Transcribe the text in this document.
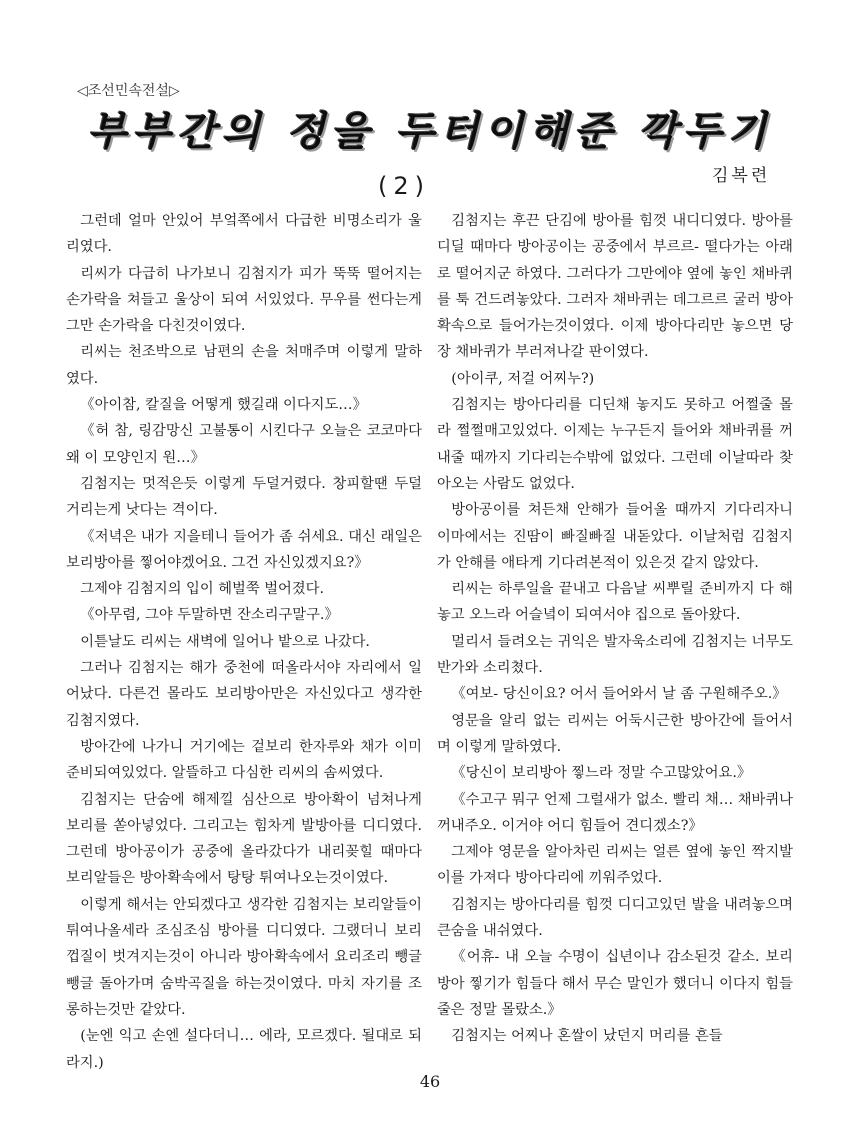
◁조선민속전설▷
부부간의 정을 두터이해준 깍두기
김복련
(2)

그런데 얼마 안있어 부엌쪽에서 다급한 비명소리가 울리였다.

리씨가 다급히 나가보니 김첨지가 피가 뚝뚝 떨어지는 손가락을 쳐들고 울상이 되여 서있었다. 무우를 썬다는게 그만 손가락을 다친것이였다.

리씨는 천조박으로 남편의 손을 처매주며 이렇게 말하였다.

《아이참, 칼질을 어떻게 했길래 이다지도…》

《허 참, 링감망신 고불통이 시킨다구 오늘은 코코마다 왜 이 모양인지 원…》

김첨지는 멋적은듯 이렇게 두덜거렸다. 창피할땐 두덜거리는게 낫다는 격이다.

《저녁은 내가 지을테니 들어가 좀 쉬세요. 대신 래일은 보리방아를 찧어야겠어요. 그건 자신있겠지요?》

그제야 김첨지의 입이 헤벌쭉 벌어졌다.

《아무렴, 그야 두말하면 잔소리구말구.》

이튿날도 리씨는 새벽에 일어나 밭으로 나갔다.

그러나 김첨지는 해가 중천에 떠올라서야 자리에서 일어났다. 다른건 몰라도 보리방아만은 자신있다고 생각한 김첨지였다.

방아간에 나가니 거기에는 겉보리 한자루와 채가 이미 준비되여있었다. 알뜰하고 다심한 리씨의 솜씨였다.

김첨지는 단숨에 해제낄 심산으로 방아확이 넘쳐나게 보리를 쏟아넣었다. 그리고는 힘차게 발방아를 디디였다. 그런데 방아공이가 공중에 올라갔다가 내리꽂힐 때마다 보리알들은 방아확속에서 탕탕 튀여나오는것이였다.

이렇게 해서는 안되겠다고 생각한 김첨지는 보리알들이 튀여나올세라 조심조심 방아를 디디였다. 그랬더니 보리껍질이 벗겨지는것이 아니라 방아확속에서 요리조리 뺑글뺑글 돌아가며 숨박곡질을 하는것이였다. 마치 자기를 조롱하는것만 같았다.

(눈엔 익고 손엔 설다더니… 에라, 모르겠다. 될대로 되라지.)

김첨지는 후끈 단김에 방아를 힘껏 내디디였다. 방아를 디딜 때마다 방아공이는 공중에서 부르르- 떨다가는 아래로 떨어지군 하였다. 그러다가 그만에야 옆에 놓인 채바퀴를 툭 건드려놓았다. 그러자 채바퀴는 데그르르 굴러 방아확속으로 들어가는것이였다. 이제 방아다리만 놓으면 당장 채바퀴가 부러져나갈 판이였다.

(아이쿠, 저걸 어찌누?)

김첨지는 방아다리를 디딘채 놓지도 못하고 어쩔줄 몰라 쩔쩔매고있었다. 이제는 누구든지 들어와 채바퀴를 꺼내줄 때까지 기다리는수밖에 없었다. 그런데 이날따라 찾아오는 사람도 없었다.

방아공이를 쳐든채 안해가 들어올 때까지 기다리자니 이마에서는 진땀이 빠질빠질 내돋았다. 이날처럼 김첨지가 안해를 애타게 기다려본적이 있은것 같지 않았다.

리씨는 하루일을 끝내고 다음날 씨뿌릴 준비까지 다 해놓고 오느라 어슬녘이 되여서야 집으로 돌아왔다.

멀리서 들려오는 귀익은 발자욱소리에 김첨지는 너무도 반가와 소리쳤다.

《여보- 당신이요? 어서 들어와서 날 좀 구원해주오.》

영문을 알리 없는 리씨는 어둑시근한 방아간에 들어서며 이렇게 말하였다.

《당신이 보리방아 찧느라 정말 수고많았어요.》

《수고구 뭐구 언제 그럴새가 없소. 빨리 채… 채바퀴나 꺼내주오. 이거야 어디 힘들어 견디겠소?》

그제야 영문을 알아차린 리씨는 얼른 옆에 놓인 짝지발이를 가져다 방아다리에 끼워주었다.

김첨지는 방아다리를 힘껏 디디고있던 발을 내려놓으며 큰숨을 내쉬였다.

《어휴- 내 오늘 수명이 십년이나 감소된것 같소. 보리방아 찧기가 힘들다 해서 무슨 말인가 했더니 이다지 힘들줄은 정말 몰랐소.》

김첨지는 어찌나 혼쌀이 났던지 머리를 흔들

46
